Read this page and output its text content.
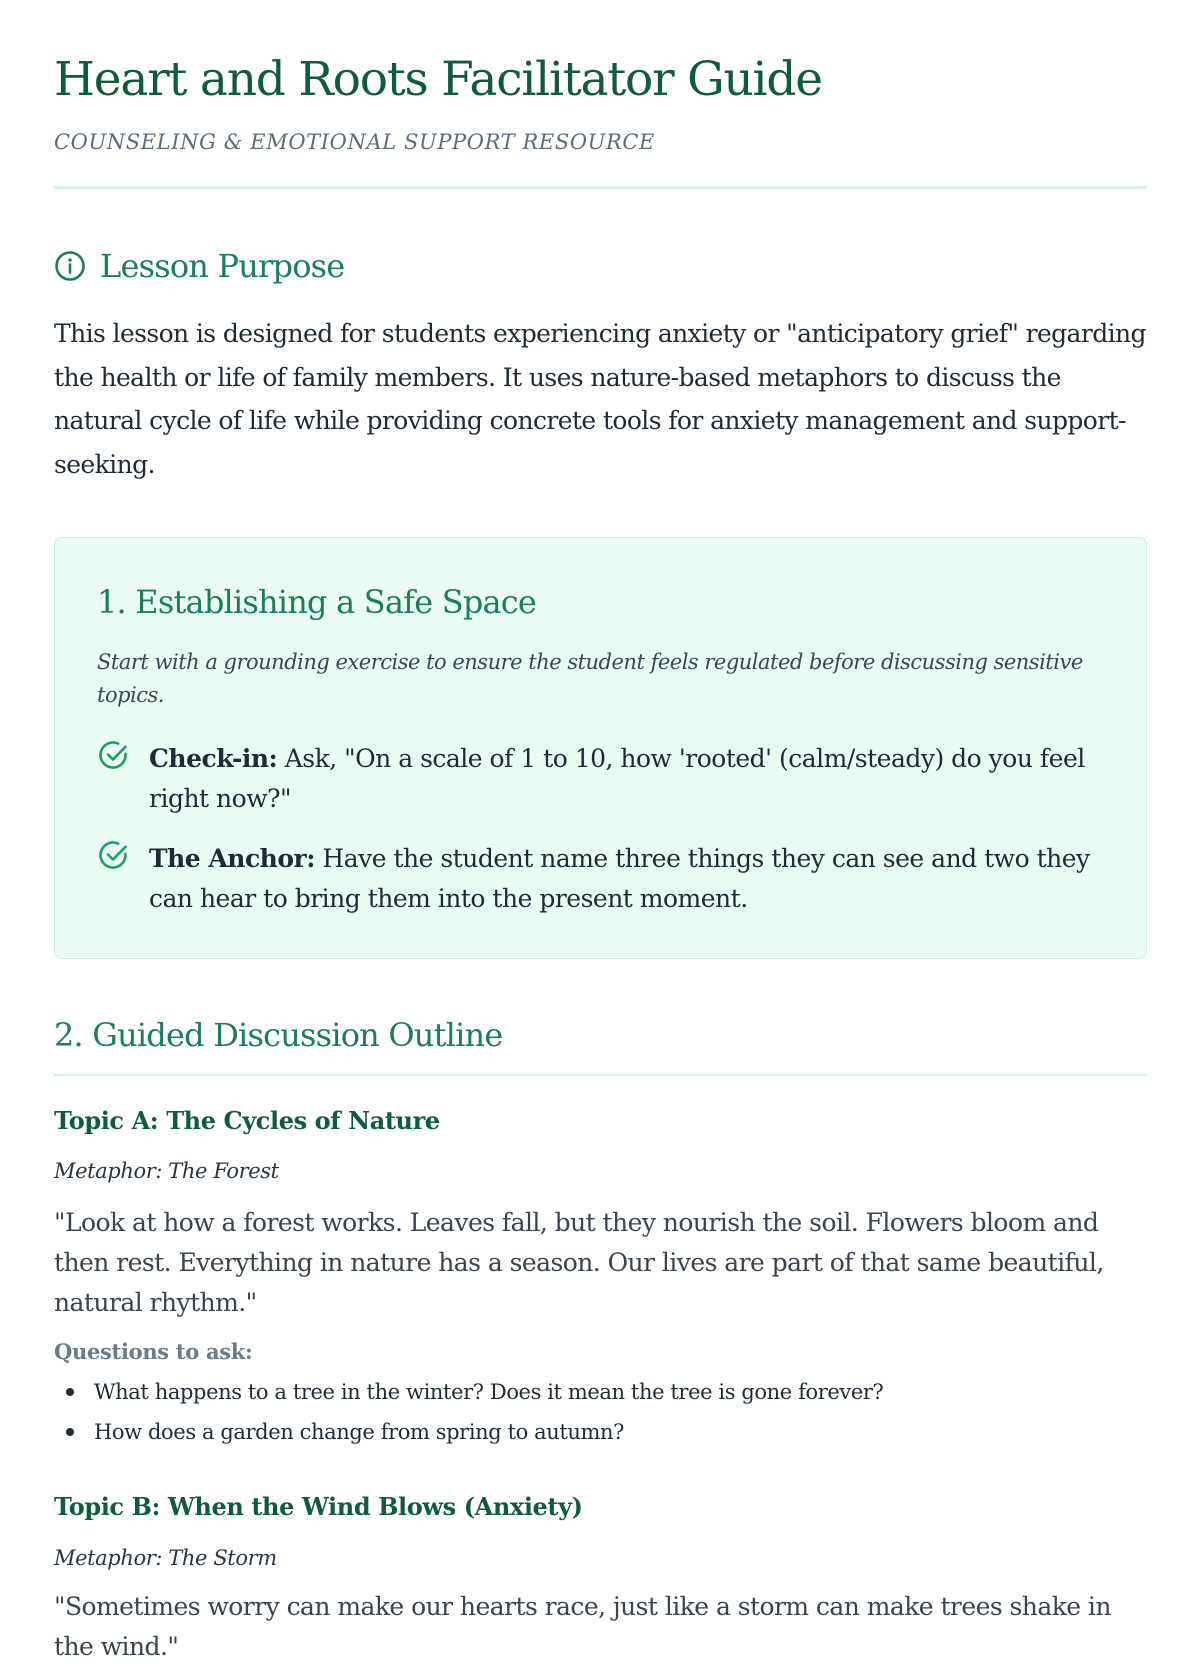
Heart and Roots Facilitator Guide
COUNSELING & EMOTIONAL SUPPORT RESOURCE
Lesson Purpose

This lesson is designed for students experiencing anxiety or "anticipatory grief" regarding the health or life of family members. It uses nature-based metaphors to discuss the natural cycle of life while providing concrete tools for anxiety management and support-seeking.

1. Establishing a Safe Space

Start with a grounding exercise to ensure the student feels regulated before discussing sensitive topics.

Check-in: Ask, "On a scale of 1 to 10, how 'rooted' (calm/steady) do you feel right now?"

The Anchor: Have the student name three things they can see and two they can hear to bring them into the present moment.

2. Guided Discussion Outline
Topic A: The Cycles of Nature
Metaphor: The Forest

"Look at how a forest works. Leaves fall, but they nourish the soil. Flowers bloom and then rest. Everything in nature has a season. Our lives are part of that same beautiful, natural rhythm."

Questions to ask:
What happens to a tree in the winter? Does it mean the tree is gone forever?
How does a garden change from spring to autumn?
Topic B: When the Wind Blows (Anxiety)
Metaphor: The Storm

"Sometimes worry can make our hearts race, just like a storm can make trees shake in the wind."
